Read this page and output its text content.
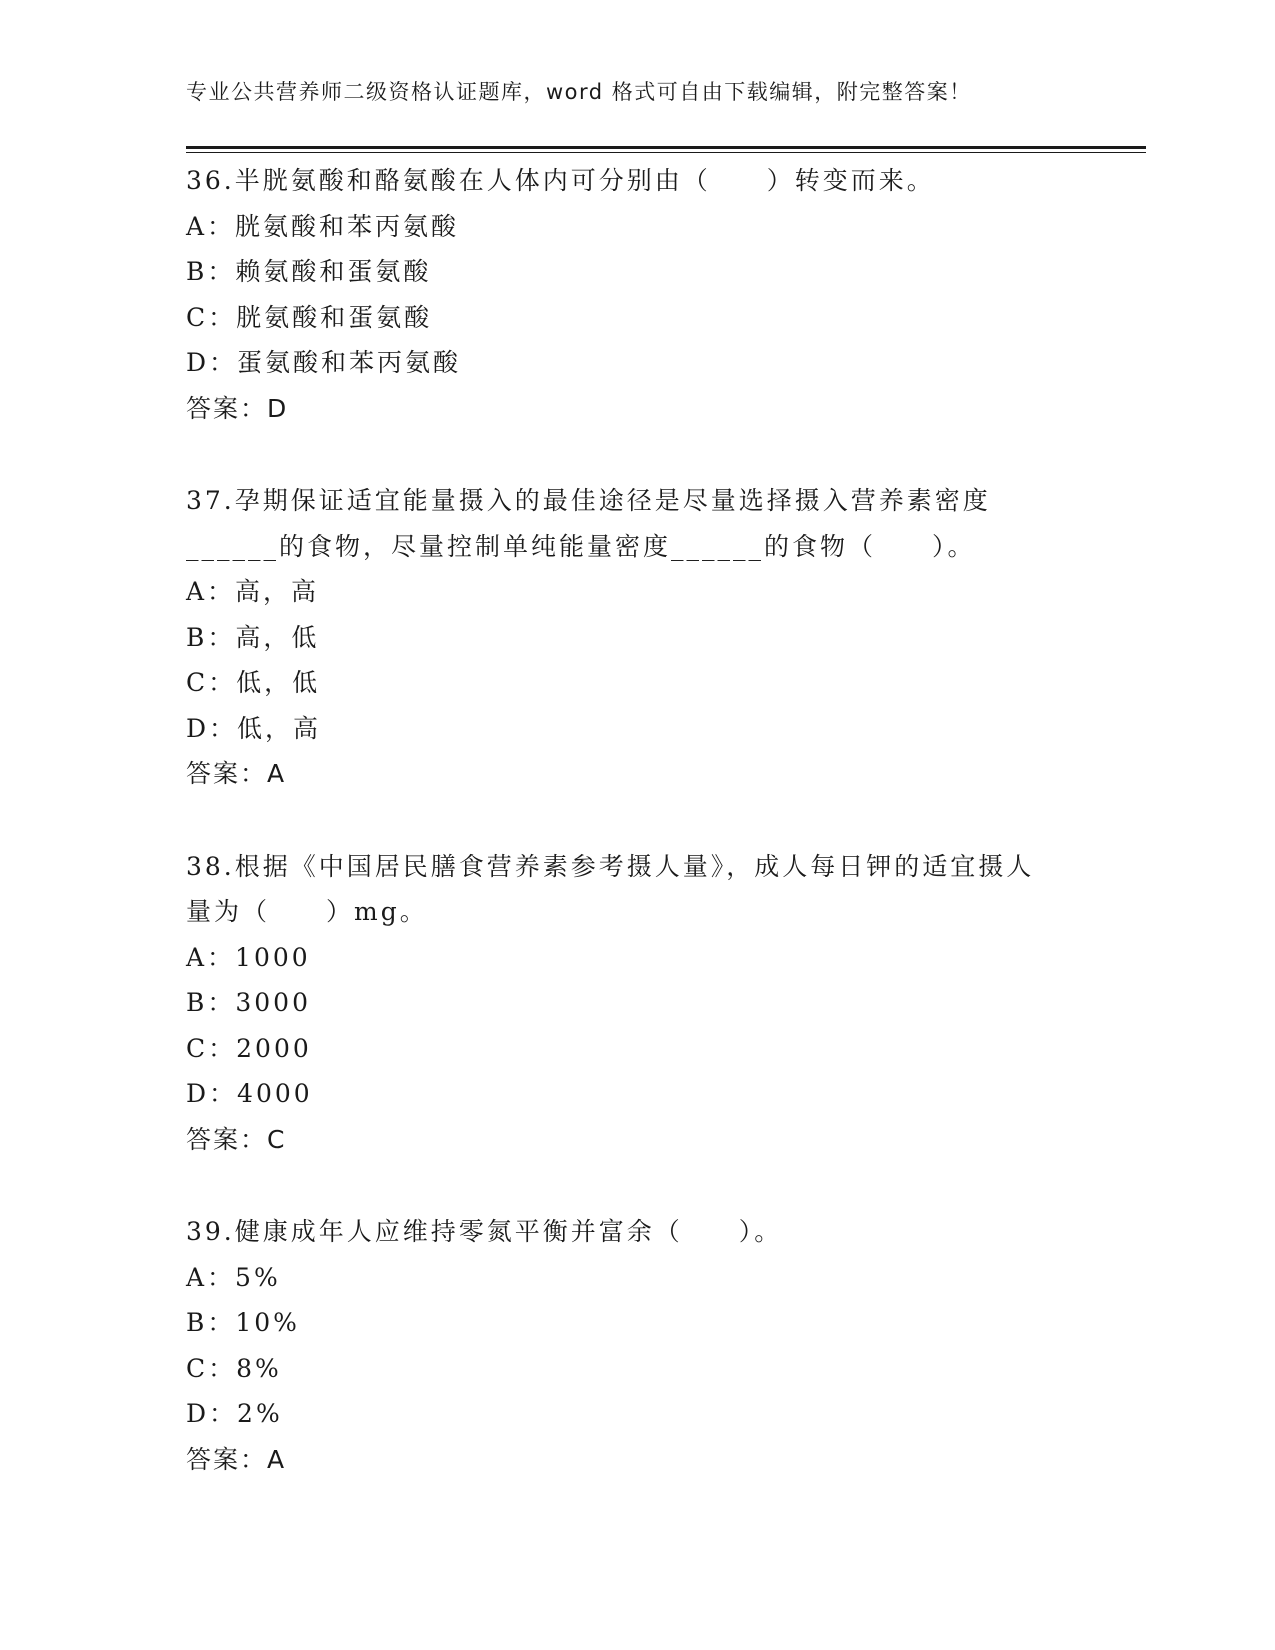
专业公共营养师二级资格认证题库，word 格式可自由下载编辑，附完整答案！
36.半胱氨酸和酪氨酸在人体内可分别由（　　）转变而来。
A：胱氨酸和苯丙氨酸
B：赖氨酸和蛋氨酸
C：胱氨酸和蛋氨酸
D：蛋氨酸和苯丙氨酸
答案：D
37.孕期保证适宜能量摄入的最佳途径是尽量选择摄入营养素密度
______的食物，尽量控制单纯能量密度______的食物（　　）。
A：高，高
B：高，低
C：低，低
D：低，高
答案：A
38.根据《中国居民膳食营养素参考摄人量》，成人每日钾的适宜摄人
量为（　　）mg。
A：1000
B：3000
C：2000
D：4000
答案：C
39.健康成年人应维持零氮平衡并富余（　　）。
A：5%
B：10%
C：8%
D：2%
答案：A
